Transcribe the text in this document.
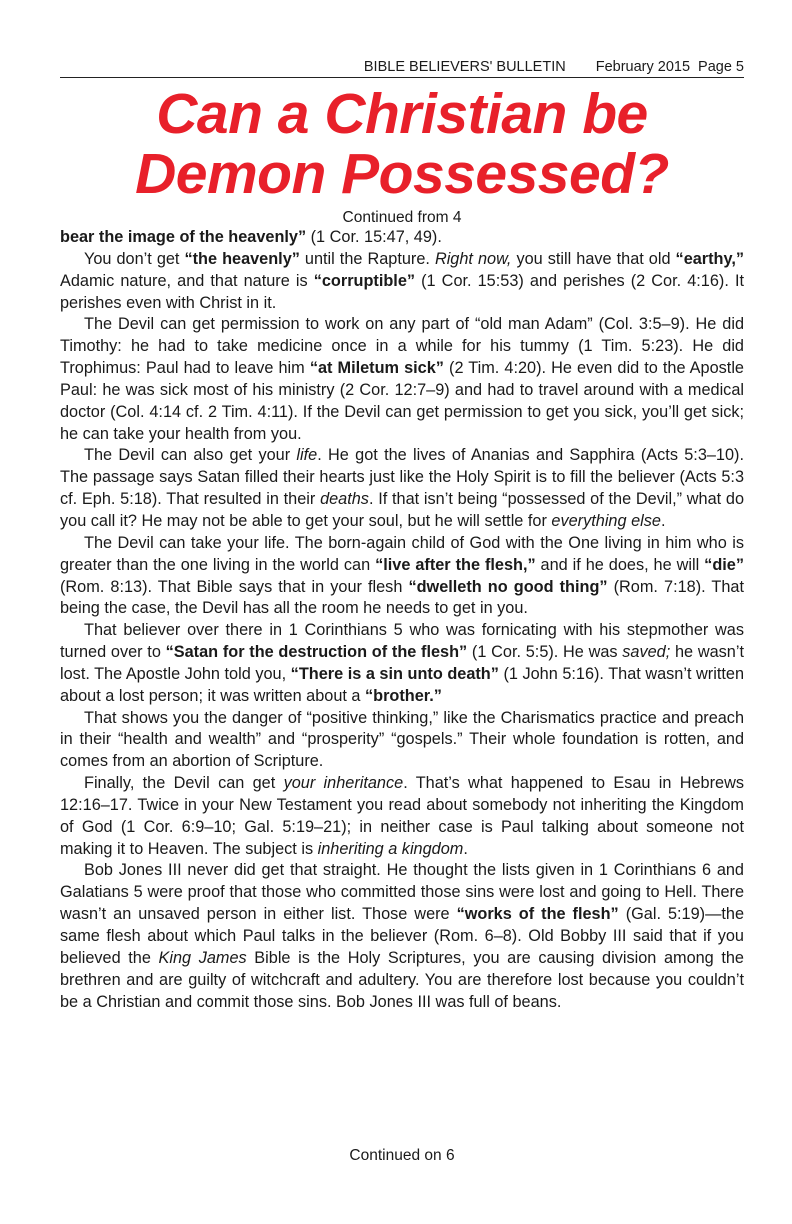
BIBLE BELIEVERS' BULLETIN February 2015 Page 5
Can a Christian be
Demon Possessed?
Continued from 4

bear the image of the heavenly” (1 Cor. 15:47, 49).

You don’t get “the heavenly” until the Rapture. Right now, you still have that old “earthy,” Adamic nature, and that nature is “corruptible” (1 Cor. 15:53) and perishes (2 Cor. 4:16). It perishes even with Christ in it.

The Devil can get permission to work on any part of “old man Adam” (Col. 3:5–9). He did Timothy: he had to take medicine once in a while for his tummy (1 Tim. 5:23). He did Trophimus: Paul had to leave him “at Miletum sick” (2 Tim. 4:20). He even did to the Apostle Paul: he was sick most of his ministry (2 Cor. 12:7–9) and had to travel around with a medical doctor (Col. 4:14 cf. 2 Tim. 4:11). If the Devil can get permission to get you sick, you’ll get sick; he can take your health from you.

The Devil can also get your life. He got the lives of Ananias and Sapphira (Acts 5:3–10). The passage says Satan filled their hearts just like the Holy Spirit is to fill the believer (Acts 5:3 cf. Eph. 5:18). That resulted in their deaths. If that isn’t being “possessed of the Devil,” what do you call it? He may not be able to get your soul, but he will settle for everything else.

The Devil can take your life. The born-again child of God with the One living in him who is greater than the one living in the world can “live after the flesh,” and if he does, he will “die” (Rom. 8:13). That Bible says that in your flesh “dwelleth no good thing” (Rom. 7:18). That being the case, the Devil has all the room he needs to get in you.

That believer over there in 1 Corinthians 5 who was fornicating with his stepmother was turned over to “Satan for the destruction of the flesh” (1 Cor. 5:5). He was saved; he wasn’t lost. The Apostle John told you, “There is a sin unto death” (1 John 5:16). That wasn’t written about a lost person; it was written about a “brother.”

That shows you the danger of “positive thinking,” like the Charismatics practice and preach in their “health and wealth” and “prosperity” “gospels.” Their whole foundation is rotten, and comes from an abortion of Scripture.

Finally, the Devil can get your inheritance. That’s what happened to Esau in Hebrews 12:16–17. Twice in your New Testament you read about somebody not inheriting the Kingdom of God (1 Cor. 6:9–10; Gal. 5:19–21); in neither case is Paul talking about someone not making it to Heaven. The subject is inheriting a kingdom.

Bob Jones III never did get that straight. He thought the lists given in 1 Corinthians 6 and Galatians 5 were proof that those who committed those sins were lost and going to Hell. There wasn’t an unsaved person in either list. Those were “works of the flesh” (Gal. 5:19)—the same flesh about which Paul talks in the believer (Rom. 6–8). Old Bobby III said that if you believed the King James Bible is the Holy Scriptures, you are causing division among the brethren and are guilty of witchcraft and adultery. You are therefore lost because you couldn’t be a Christian and commit those sins. Bob Jones III was full of beans.

Continued on 6
